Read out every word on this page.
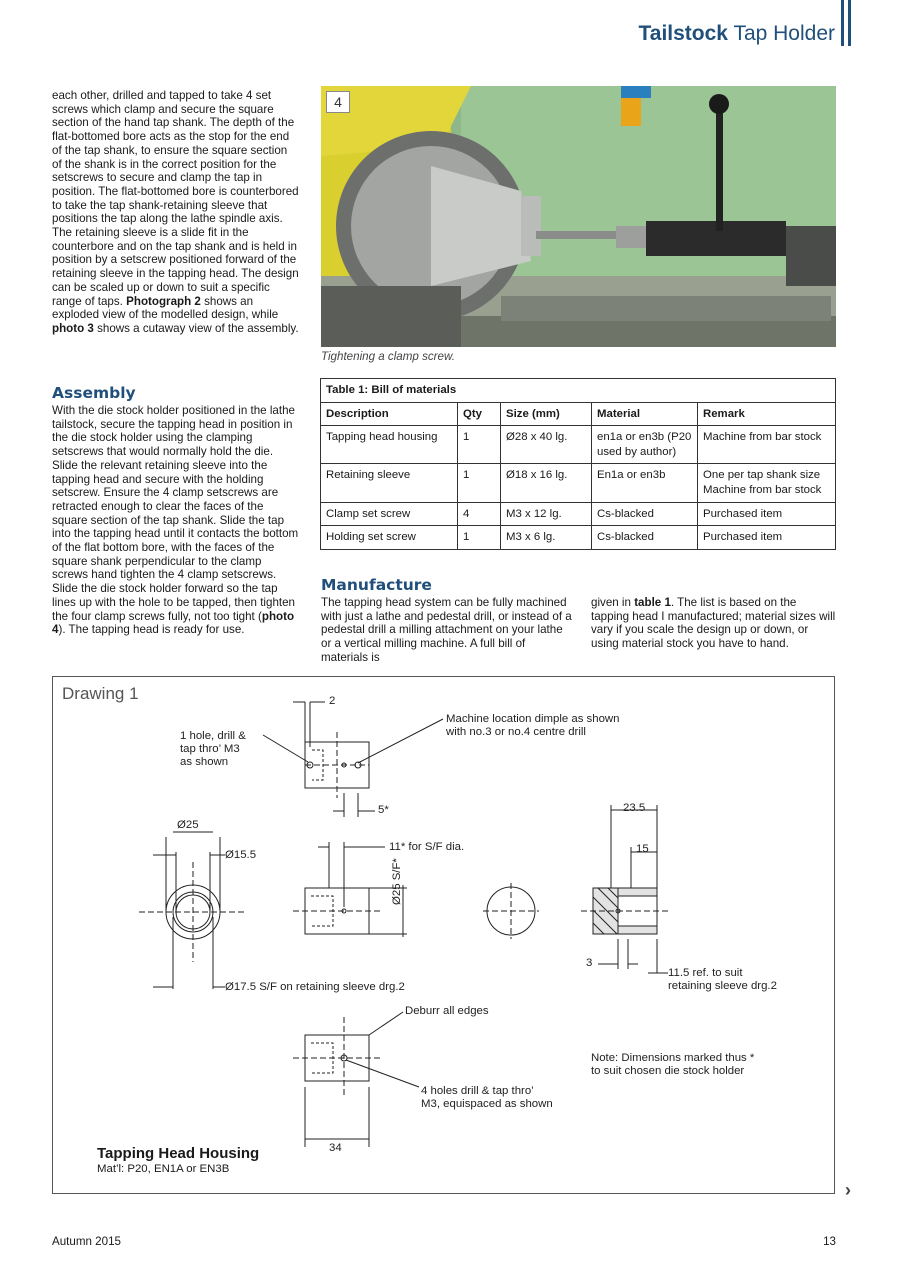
Tailstock Tap Holder

each other, drilled and tapped to take 4 set screws which clamp and secure the square section of the hand tap shank. The depth of the flat-bottomed bore acts as the stop for the end of the tap shank, to ensure the square section of the shank is in the correct position for the setscrews to secure and clamp the tap in position. The flat-bottomed bore is counterbored to take the tap shank-retaining sleeve that positions the tap along the lathe spindle axis. The retaining sleeve is a slide fit in the counterbore and on the tap shank and is held in position by a setscrew positioned forward of the retaining sleeve in the tapping head. The design can be scaled up or down to suit a specific range of taps. Photograph 2 shows an exploded view of the modelled design, while photo 3 shows a cutaway view of the assembly.

Assembly

With the die stock holder positioned in the lathe tailstock, secure the tapping head in position in the die stock holder using the clamping setscrews that would normally hold the die. Slide the relevant retaining sleeve into the tapping head and secure with the holding setscrew. Ensure the 4 clamp setscrews are retracted enough to clear the faces of the square section of the tap shank. Slide the tap into the tapping head until it contacts the bottom of the flat bottom bore, with the faces of the square shank perpendicular to the clamp screws hand tighten the 4 clamp setscrews. Slide the die stock holder forward so the tap lines up with the hole to be tapped, then tighten the four clamp screws fully, not too tight (photo 4). The tapping head is ready for use.

4
Tightening a clamp screw.
Table 1: Bill of materials				
Description	Qty	Size (mm)	Material	Remark
Tapping head housing	1	Ø28 x 40 lg.	en1a or en3b (P20 used by author)	Machine from bar stock
Retaining sleeve	1	Ø18 x 16 lg.	En1a or en3b	One per tap shank size Machine from bar stock
Clamp set screw	4	M3 x 12 lg.	Cs-blacked	Purchased item
Holding set screw	1	M3 x 6 lg.	Cs-blacked	Purchased item
Manufacture

The tapping head system can be fully machined with just a lathe and pedestal drill, or instead of a pedestal drill a milling attachment on your lathe or a vertical milling machine. A full bill of materials is

given in table 1. The list is based on the tapping head I manufactured; material sizes will vary if you scale the design up or down, or using material stock you have to hand.

Drawing 1	2
1 hole, drill &
tap thro’ M3
as shown
Machine location dimple as shown
with no.3 or no.4 centre drill
5*	23.5
Ø25
Ø15.5
11* for S/F dia.	15
Ø25 S/F*
3
11.5 ref. to suit
retaining sleeve drg.2
Ø17.5 S/F on retaining sleeve drg.2
Deburr all edges
Note: Dimensions marked thus *
to suit chosen die stock holder
4 holes drill & tap thro’
M3, equispaced as shown
34
Tapping Head Housing
Mat’l: P20, EN1A or EN3B
›
Autumn 2015	13
